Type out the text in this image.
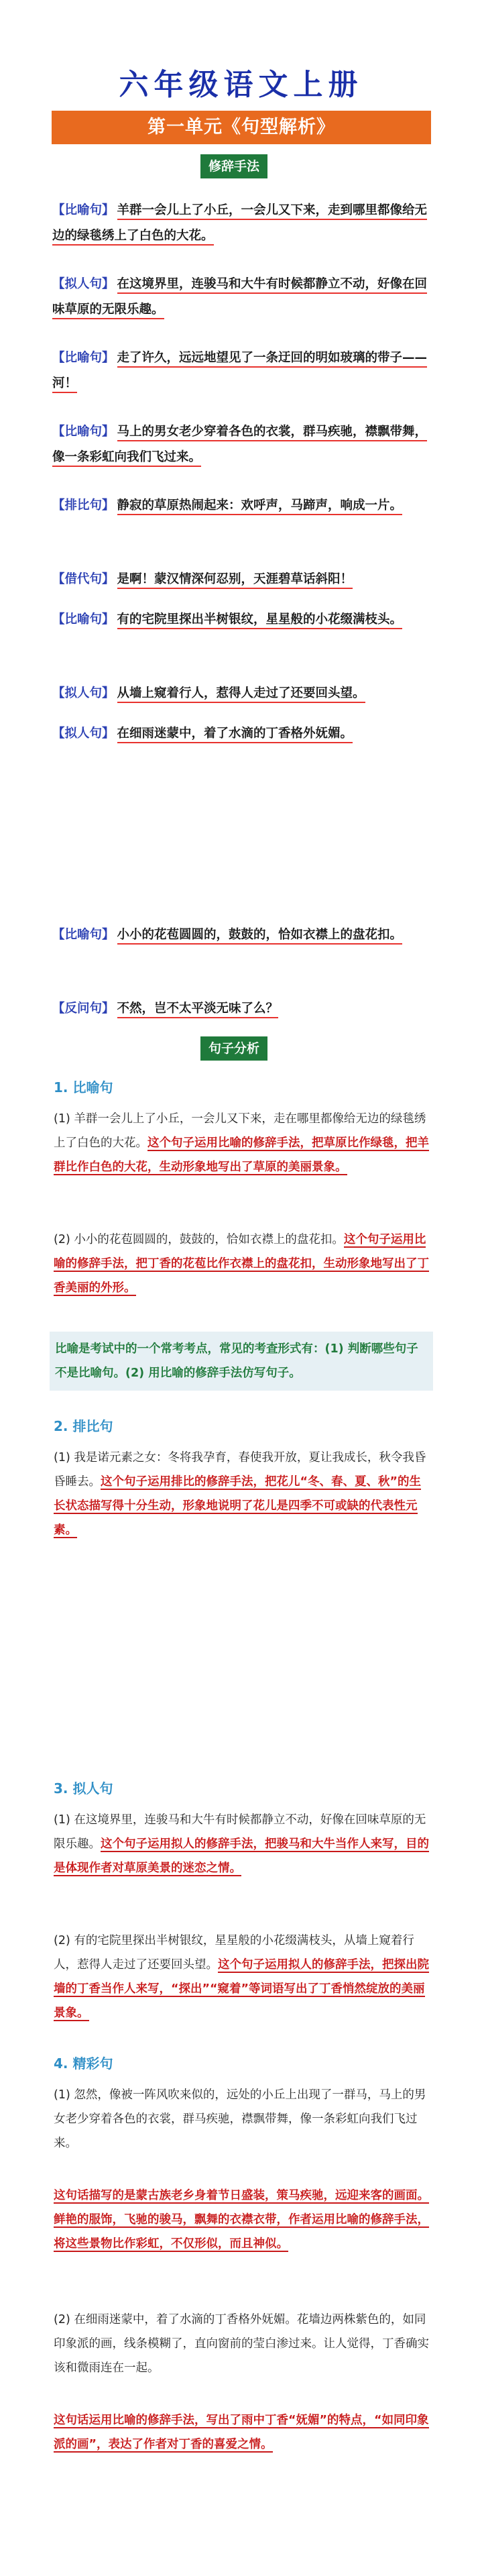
六年级语文上册
第一单元《句型解析》
修辞手法
【比喻句】 羊群一会儿上了小丘，一会儿又下来，走到哪里都像给无边的绿毯绣上了白色的大花。
【拟人句】 在这境界里，连骏马和大牛有时候都静立不动，好像在回味草原的无限乐趣。
【比喻句】 走了许久，远远地望见了一条迂回的明如玻璃的带子——河！
【比喻句】 马上的男女老少穿着各色的衣裳，群马疾驰，襟飘带舞，像一条彩虹向我们飞过来。
【排比句】 静寂的草原热闹起来：欢呼声，马蹄声，响成一片。
【借代句】 是啊！蒙汉情深何忍别，天涯碧草话斜阳！
【比喻句】 有的宅院里探出半树银纹，星星般的小花缀满枝头。
【拟人句】 从墙上窥着行人，惹得人走过了还要回头望。
【拟人句】 在细雨迷蒙中，着了水滴的丁香格外妩媚。
【比喻句】 小小的花苞圆圆的，鼓鼓的，恰如衣襟上的盘花扣。
【反问句】 不然，岂不太平淡无味了么？
句子分析
1. 比喻句
(1) 羊群一会儿上了小丘，一会儿又下来，走在哪里都像给无边的绿毯绣上了白色的大花。这个句子运用比喻的修辞手法，把草原比作绿毯，把羊群比作白色的大花，生动形象地写出了草原的美丽景象。
(2) 小小的花苞圆圆的，鼓鼓的，恰如衣襟上的盘花扣。这个句子运用比喻的修辞手法，把丁香的花苞比作衣襟上的盘花扣，生动形象地写出了丁香美丽的外形。
比喻是考试中的一个常考考点，常见的考查形式有：(1) 判断哪些句子不是比喻句。(2) 用比喻的修辞手法仿写句子。
2. 排比句
(1) 我是诺元素之女：冬将我孕育，春使我开放，夏让我成长，秋令我昏昏睡去。这个句子运用排比的修辞手法，把花儿“冬、春、夏、秋”的生长状态描写得十分生动，形象地说明了花儿是四季不可或缺的代表性元素。
3. 拟人句
(1) 在这境界里，连骏马和大牛有时候都静立不动，好像在回味草原的无限乐趣。这个句子运用拟人的修辞手法，把骏马和大牛当作人来写，目的是体现作者对草原美景的迷恋之情。
(2) 有的宅院里探出半树银纹，星星般的小花缀满枝头，从墙上窥着行人，惹得人走过了还要回头望。这个句子运用拟人的修辞手法，把探出院墙的丁香当作人来写，“探出”“窥着”等词语写出了丁香悄然绽放的美丽景象。
4. 精彩句
(1) 忽然，像被一阵风吹来似的，远处的小丘上出现了一群马，马上的男女老少穿着各色的衣裳，群马疾驰，襟飘带舞，像一条彩虹向我们飞过来。
这句话描写的是蒙古族老乡身着节日盛装，策马疾驰，远迎来客的画面。鲜艳的服饰，飞驰的骏马，飘舞的衣襟衣带，作者运用比喻的修辞手法，将这些景物比作彩虹，不仅形似，而且神似。
(2) 在细雨迷蒙中，着了水滴的丁香格外妩媚。花墙边两株紫色的，如同印象派的画，线条模糊了，直向窗前的莹白渗过来。让人觉得，丁香确实该和微雨连在一起。
这句话运用比喻的修辞手法，写出了雨中丁香“妩媚”的特点，“如同印象派的画”，表达了作者对丁香的喜爱之情。
